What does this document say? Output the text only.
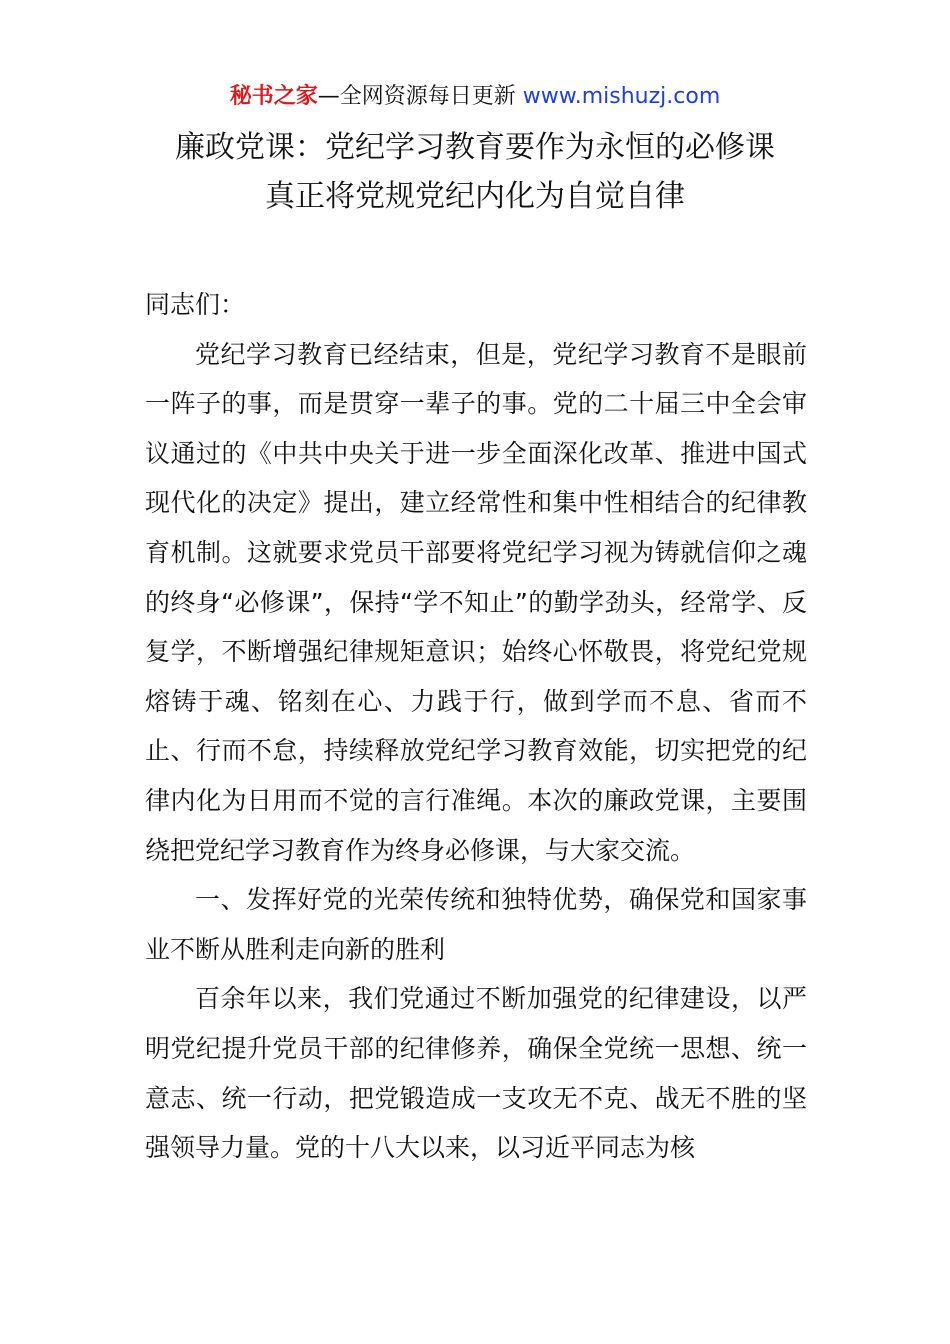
秘书之家—全网资源每日更新 www.mishuzj.com
廉政党课：党纪学习教育要作为永恒的必修课
真正将党规党纪内化为自觉自律

同志们：

党纪学习教育已经结束，但是，党纪学习教育不是眼前一阵子的事，而是贯穿一辈子的事。党的二十届三中全会审议通过的《中共中央关于进一步全面深化改革、推进中国式现代化的决定》提出，建立经常性和集中性相结合的纪律教育机制。这就要求党员干部要将党纪学习视为铸就信仰之魂的终身“必修课”，保持“学不知止”的勤学劲头，经常学、反复学，不断增强纪律规矩意识；始终心怀敬畏，将党纪党规熔铸于魂、铭刻在心、力践于行，做到学而不息、省而不止、行而不怠，持续释放党纪学习教育效能，切实把党的纪律内化为日用而不觉的言行准绳。本次的廉政党课，主要围绕把党纪学习教育作为终身必修课，与大家交流。

一、发挥好党的光荣传统和独特优势，确保党和国家事业不断从胜利走向新的胜利

百余年以来，我们党通过不断加强党的纪律建设，以严明党纪提升党员干部的纪律修养，确保全党统一思想、统一意志、统一行动，把党锻造成一支攻无不克、战无不胜的坚强领导力量。党的十八大以来，以习近平同志为核
